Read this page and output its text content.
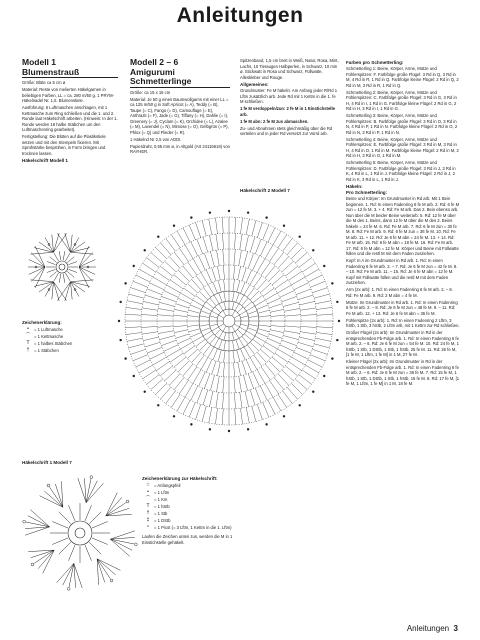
Anleitungen
Modell 1
Blumenstrauß

Größe: Blüte ca 5 cm ø

Material: Reste von melierten Häkelgarnen in beliebigen Farben, LL = ca. 280 m/50 g. 1 PRYM-Häkelnadel Nr. 1,5. Blumenstiele.

Ausführung: 6 Luftmaschen anschlagen, mit 1 Kettmasche zum Ring schließen und die 1. und 2. Runde laut Häkelschrift arbeiten. (Hinweis: In der 1. Runde werden 18 halbe Stäbchen um den Luftmaschenring gearbeitet).

Fertigstellung: Die Blüten auf die Plastikstiele setzen und mit den Stempeln fixieren. Mit Sprühstärke besprühen, in Form bringen und trocknen lassen.

Häkelschrift Modell 1
Zeichenerklärung:
•	= 1 Luftmasche
⌒ = 1 Kettmasche
T	= 1 halbes Stäbchen
†	= 1 Stäbchen
Häkelschrift 1 Modell 7
Modell 2 – 6
Amigurumi
Schmetterlinge

Größe: ca 15 x 16 cm

Material: Je 50 g eines Baumwollgarns mit einer LL = ca 125 m/50 g in Soft Apricot (= A), Teddy (= B), Taupe (= C), Fango (= D), Camouflage (= E), Anthrazit (= F), Jade (= G), Tiffany (= H), Dahlie (= I), Greenery (= J), Cyclam (= K), Orchidee (= L), Azalee (= M), Lavendel (= N), Mimose (= O), Gelbgrün (= P), Phlox (= Q) und Flieder (= R).

1 Häkelnd Nr 2,5 von ADDI.

Papierdraht, 0,55 mm ø, in Altgold (Art 24116619) von RAYHER.

Spitzenband, 1,5 cm breit in Weiß, Natur, Rosa, Mint, Lachs, 10 Tieraugen Halbperlen, in Schwarz, 10 mm ø, Stickwatt in Rosa und Schwarz, Füllwatte, Alleskleber und Rouge.

Allgemeines:

Grundmuster: Fe M häkeln. Am Anfang jeder R/Rd 1 Lftm zusätzlich arb. Jede Rd mit 1 Kettm in die 1. fe M schließen.

1 fe M verdoppeln/zun: 2 fe M in 1 Einstichstelle arb.

1 fe M abn: 2 fe M zus abmaschen.

Zu- und Abnahmen stets gleichmäßig über die Rd verteilen und in jeder Rd versetzt zur Vorrd arb.

Häkelschrift 2 Modell 7
Zeichenerklärung zur Häkelschrift:
☆ = Anfangspfeil
•	= 1 Lftm
⌒ = 1 Km
T	= 1 hStb
†	= 1 Stb
‡	= 1 DStb
ᵒ	= 1 Picot (= 3 Lftm, 1 Kettm in die 1. Lftm)

Laufen die Zeichen unten zus, werden die M in 1 Einstichstelle gehäkelt.

Farben pro Schmetterling:

Schmetterling 1: Beine, Körper, Arme, Mütze und Fühlerspitzen: F. Farbfolge große Flügel: 3 Rd in Q, 3 Rd in M, 4 Rd in R, 1 Rd in Q. Farbfolge kleine Flügel: 2 Rd in Q, 2 Rd in M, 3 Rd in R, 1 Rd in Q.

Schmetterling 2: Beine, Körper, Arme, Mütze und Fühlerspitzen: C. Farbfolge große Flügel: 3 Rd in G, 3 Rd in H, 4 Rd in I, 1 Rd in G. Farbfolge kleine Flügel: 2 Rd in G, 2 Rd in H, 3 Rd in I, 1 Rd in G.

Schmetterling 3: Beine, Körper, Arme, Mütze und Fühlerspitzen: B. Farbfolge große Flügel: 3 Rd in O, 3 Rd in N, 4 Rd in P, 1 Rd in N. Farbfolge kleine Flügel: 2 Rd in O, 2 Rd in N, 3 Rd in P, 1 Rd in N.

Schmetterling 4: Beine, Körper, Arme, Mütze und Fühlerspitzen: E. Farbfolge große Flügel: 3 Rd in M, 3 Rd in H, 4 Rd in O, 1 Rd in M. Farbfolge kleine Flügel: 2 Rd in M, 2 Rd in H, 3 Rd in O, 1 Rd in M.

Schmetterling 5: Beine, Körper, Arme, Mütze und Fühlerspitzen: D. Farbfolge große Flügel: 3 Rd in J, 3 Rd in K, 4 Rd in L, 1 Rd in J. Farbfolge kleine Flügel: 2 Rd in J, 2 Rd in K, 3 Rd in L, 1 Rd in J.

Häkeln:
Pro Schmetterling:

Beine und Körper: Im Grundmuster in Rd arb. Mit 1 Bein beginnen. 1. Rd: In einen Fadenring 6 fe M arb. 2. Rd: 6 fe M zun = 12 fe M. 3. + 4. Rd: Fe M arb. Das 2. Bein ebenso arb. Nun über die M beider Beine weiterarb: 5. Rd: 12 fe M über die M des 1. Beins, dann 12 fe M über die M des 2. Beins häkeln = 24 fe M. 6. Rd: Fe M arb. 7. Rd: 6 fe M zun = 30 fe M. 8. Rd: Fe M arb. 9. Rd: 6 fe M zun = 36 fe M. 10. Rd: Fe M arb. 11. + 12. Rd: Je 6 fe M abn = 24 fe M. 13. + 14. Rd: Fe M arb. 15. Rd: 6 fe M abn = 18 fe M. 16. Rd: Fe M arb. 17. Rd: 6 fe M abn = 12 fe M. Körper und Beine mit Füllwatte füllen und die restl M mit dem Faden zusziehen.

Kopf: In A im Grundmuster in Rd arb. 1. Rd: In einen Fadenring 6 fe M arb. 2. – 7. Rd: Je 6 fe M zun = 42 fe M. 8. – 10. Rd: Fe M arb. 11. – 15. Rd: Je 6 fe M abn = 12 fe M. Kopf mit Füllwatte füllen und die restl M mit dem Faden zusziehen.

Arm (2x arb): 1. Rd: In einen Fadenring 6 fe M arb. 2. – 8. Rd: Fe M arb. 9. Rd: 2 M abn = 4 fe M.

Mütze: Im Grundmuster in Rd arb. 1. Rd: In einen Fadenring 6 fe M arb. 2. – 8. Rd: Je 6 fe M zun = 48 fe M. 9. – 11. Rd: Fe M arb. 12. + 13. Rd: Je 6 fe M abn = 36 fe M.

Fühlerspitze (2x arb): 1. Rd: In einen Fadenring 2 Lftm, 3 hStb, 1 Stb, 3 hStb, 2 Lftm arb, mit 1 Kettm zur Rd schließen.

Großer Flügel (2x arb): Im Grundmuster in Rd in der entsprechenden Fb-Folge arb. 1. Rd: In einen Fadenring 6 fe M arb. 2. – 6. Rd: Je 6 fe M zun = 54 fe M. 10. Rd: 24 fe M, 1 hStb, 1 Stb, 1 DStb, 1 Stb, 1 hStb, 25 fe M. 11. Rd: 26 fe M, [1 fe M, 1 Lftm, 1 fe M] in 1 M, 27 fe M.

Kleiner Flügel (2x arb): Im Grundmuster in Rd in der entsprechenden Fb-Folge arb. 1. Rd: In einen Fadenring 6 fe M arb. 2. – 6. Rd: Je 6 fe M zun = 36 fe M. 7. Rd: 15 fe M, 1 hStb, 1 Stb, 1 DStb, 1 Stb, 1 hStb, 16 fe M. 8. Rd: 17 fe M, [1 fe M, 1 Lftm, 1 fe M] in 1 M, 18 fe M.

Anleitungen 3
